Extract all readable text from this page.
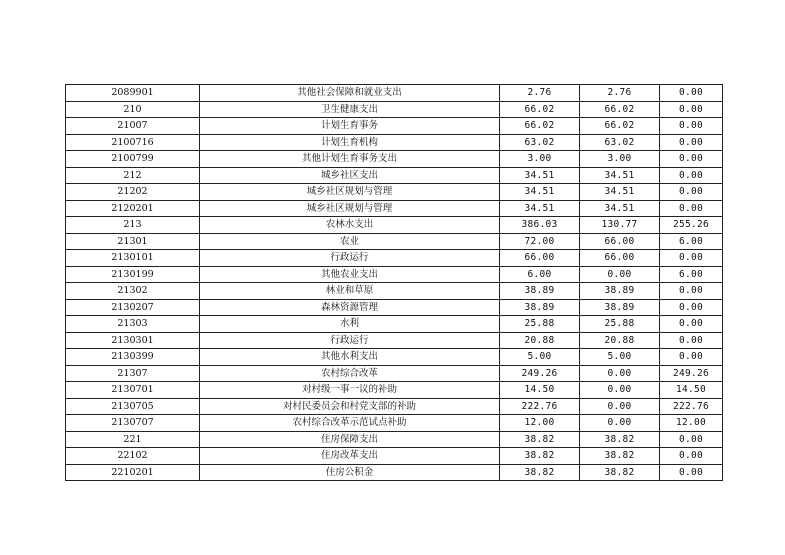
2089901	其他社会保障和就业支出	2.76	2.76	0.00
210	卫生健康支出	66.02	66.02	0.00
21007	计划生育事务	66.02	66.02	0.00
2100716	计划生育机构	63.02	63.02	0.00
2100799	其他计划生育事务支出	3.00	3.00	0.00
212	城乡社区支出	34.51	34.51	0.00
21202	城乡社区规划与管理	34.51	34.51	0.00
2120201	城乡社区规划与管理	34.51	34.51	0.00
213	农林水支出	386.03	130.77	255.26
21301	农业	72.00	66.00	6.00
2130101	行政运行	66.00	66.00	0.00
2130199	其他农业支出	6.00	0.00	6.00
21302	林业和草原	38.89	38.89	0.00
2130207	森林资源管理	38.89	38.89	0.00
21303	水利	25.88	25.88	0.00
2130301	行政运行	20.88	20.88	0.00
2130399	其他水利支出	5.00	5.00	0.00
21307	农村综合改革	249.26	0.00	249.26
2130701	对村级一事一议的补助	14.50	0.00	14.50
2130705	对村民委员会和村党支部的补助	222.76	0.00	222.76
2130707	农村综合改革示范试点补助	12.00	0.00	12.00
221	住房保障支出	38.82	38.82	0.00
22102	住房改革支出	38.82	38.82	0.00
2210201	住房公积金	38.82	38.82	0.00
